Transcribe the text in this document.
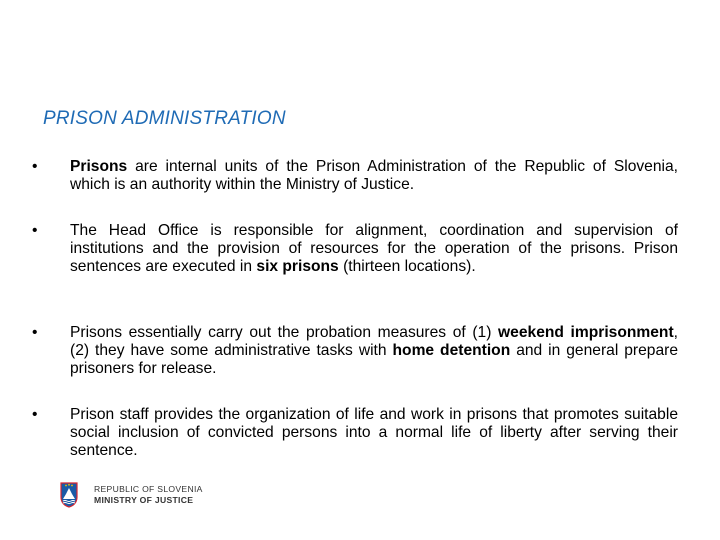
PRISON ADMINISTRATION
• Prisons are internal units of the Prison Administration of the Republic of Slovenia, which is an authority within the Ministry of Justice.

• The Head Office is responsible for alignment, coordination and supervision of institutions and the provision of resources for the operation of the prisons. Prison sentences are executed in six prisons (thirteen locations).

• Prisons essentially carry out the probation measures of (1) weekend imprisonment, (2) they have some administrative tasks with home detention and in general prepare prisoners for release.

• Prison staff provides the organization of life and work in prisons that promotes suitable social inclusion of convicted persons into a normal life of liberty after serving their sentence.

REPUBLIC OF SLOVENIA
MINISTRY OF JUSTICE
